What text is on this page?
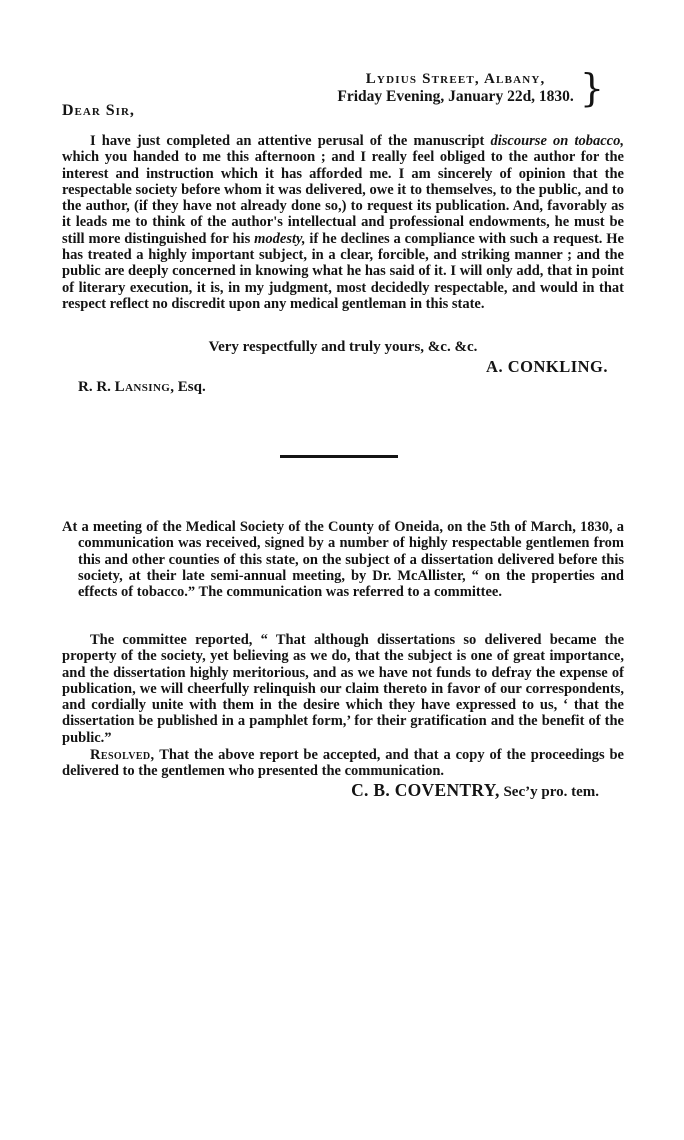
Lydius Street, Albany,
Friday Evening, January 22d, 1830. }
Dear Sir,
I have just completed an attentive perusal of the manuscript discourse on tobacco, which you handed to me this afternoon ; and I really feel obliged to the author for the interest and instruction which it has afforded me. I am sincerely of opinion that the respectable society before whom it was delivered, owe it to themselves, to the public, and to the author, (if they have not already done so,) to request its publication. And, favorably as it leads me to think of the author's intellectual and professional endowments, he must be still more distinguished for his modesty, if he declines a compliance with such a request. He has treated a highly important subject, in a clear, forcible, and striking manner ; and the public are deeply concerned in knowing what he has said of it. I will only add, that in point of literary execution, it is, in my judgment, most decidedly respectable, and would in that respect reflect no discredit upon any medical gentleman in this state.
Very respectfully and truly yours, &c. &c.
A. CONKLING.
R. R. Lansing, Esq.
At a meeting of the Medical Society of the County of Oneida, on the 5th of March, 1830, a communication was received, signed by a number of highly respectable gentlemen from this and other counties of this state, on the subject of a dissertation delivered before this society, at their late semi-annual meeting, by Dr. McAllister, “ on the properties and effects of tobacco.” The communication was referred to a committee.
The committee reported, “ That although dissertations so delivered became the property of the society, yet believing as we do, that the subject is one of great importance, and the dissertation highly meritorious, and as we have not funds to defray the expense of publication, we will cheerfully relinquish our claim thereto in favor of our correspondents, and cordially unite with them in the desire which they have expressed to us, ‘ that the dissertation be published in a pamphlet form,’ for their gratification and the benefit of the public.”
Resolved, That the above report be accepted, and that a copy of the proceedings be delivered to the gentlemen who presented the communication.
C. B. COVENTRY, Sec’y pro. tem.
